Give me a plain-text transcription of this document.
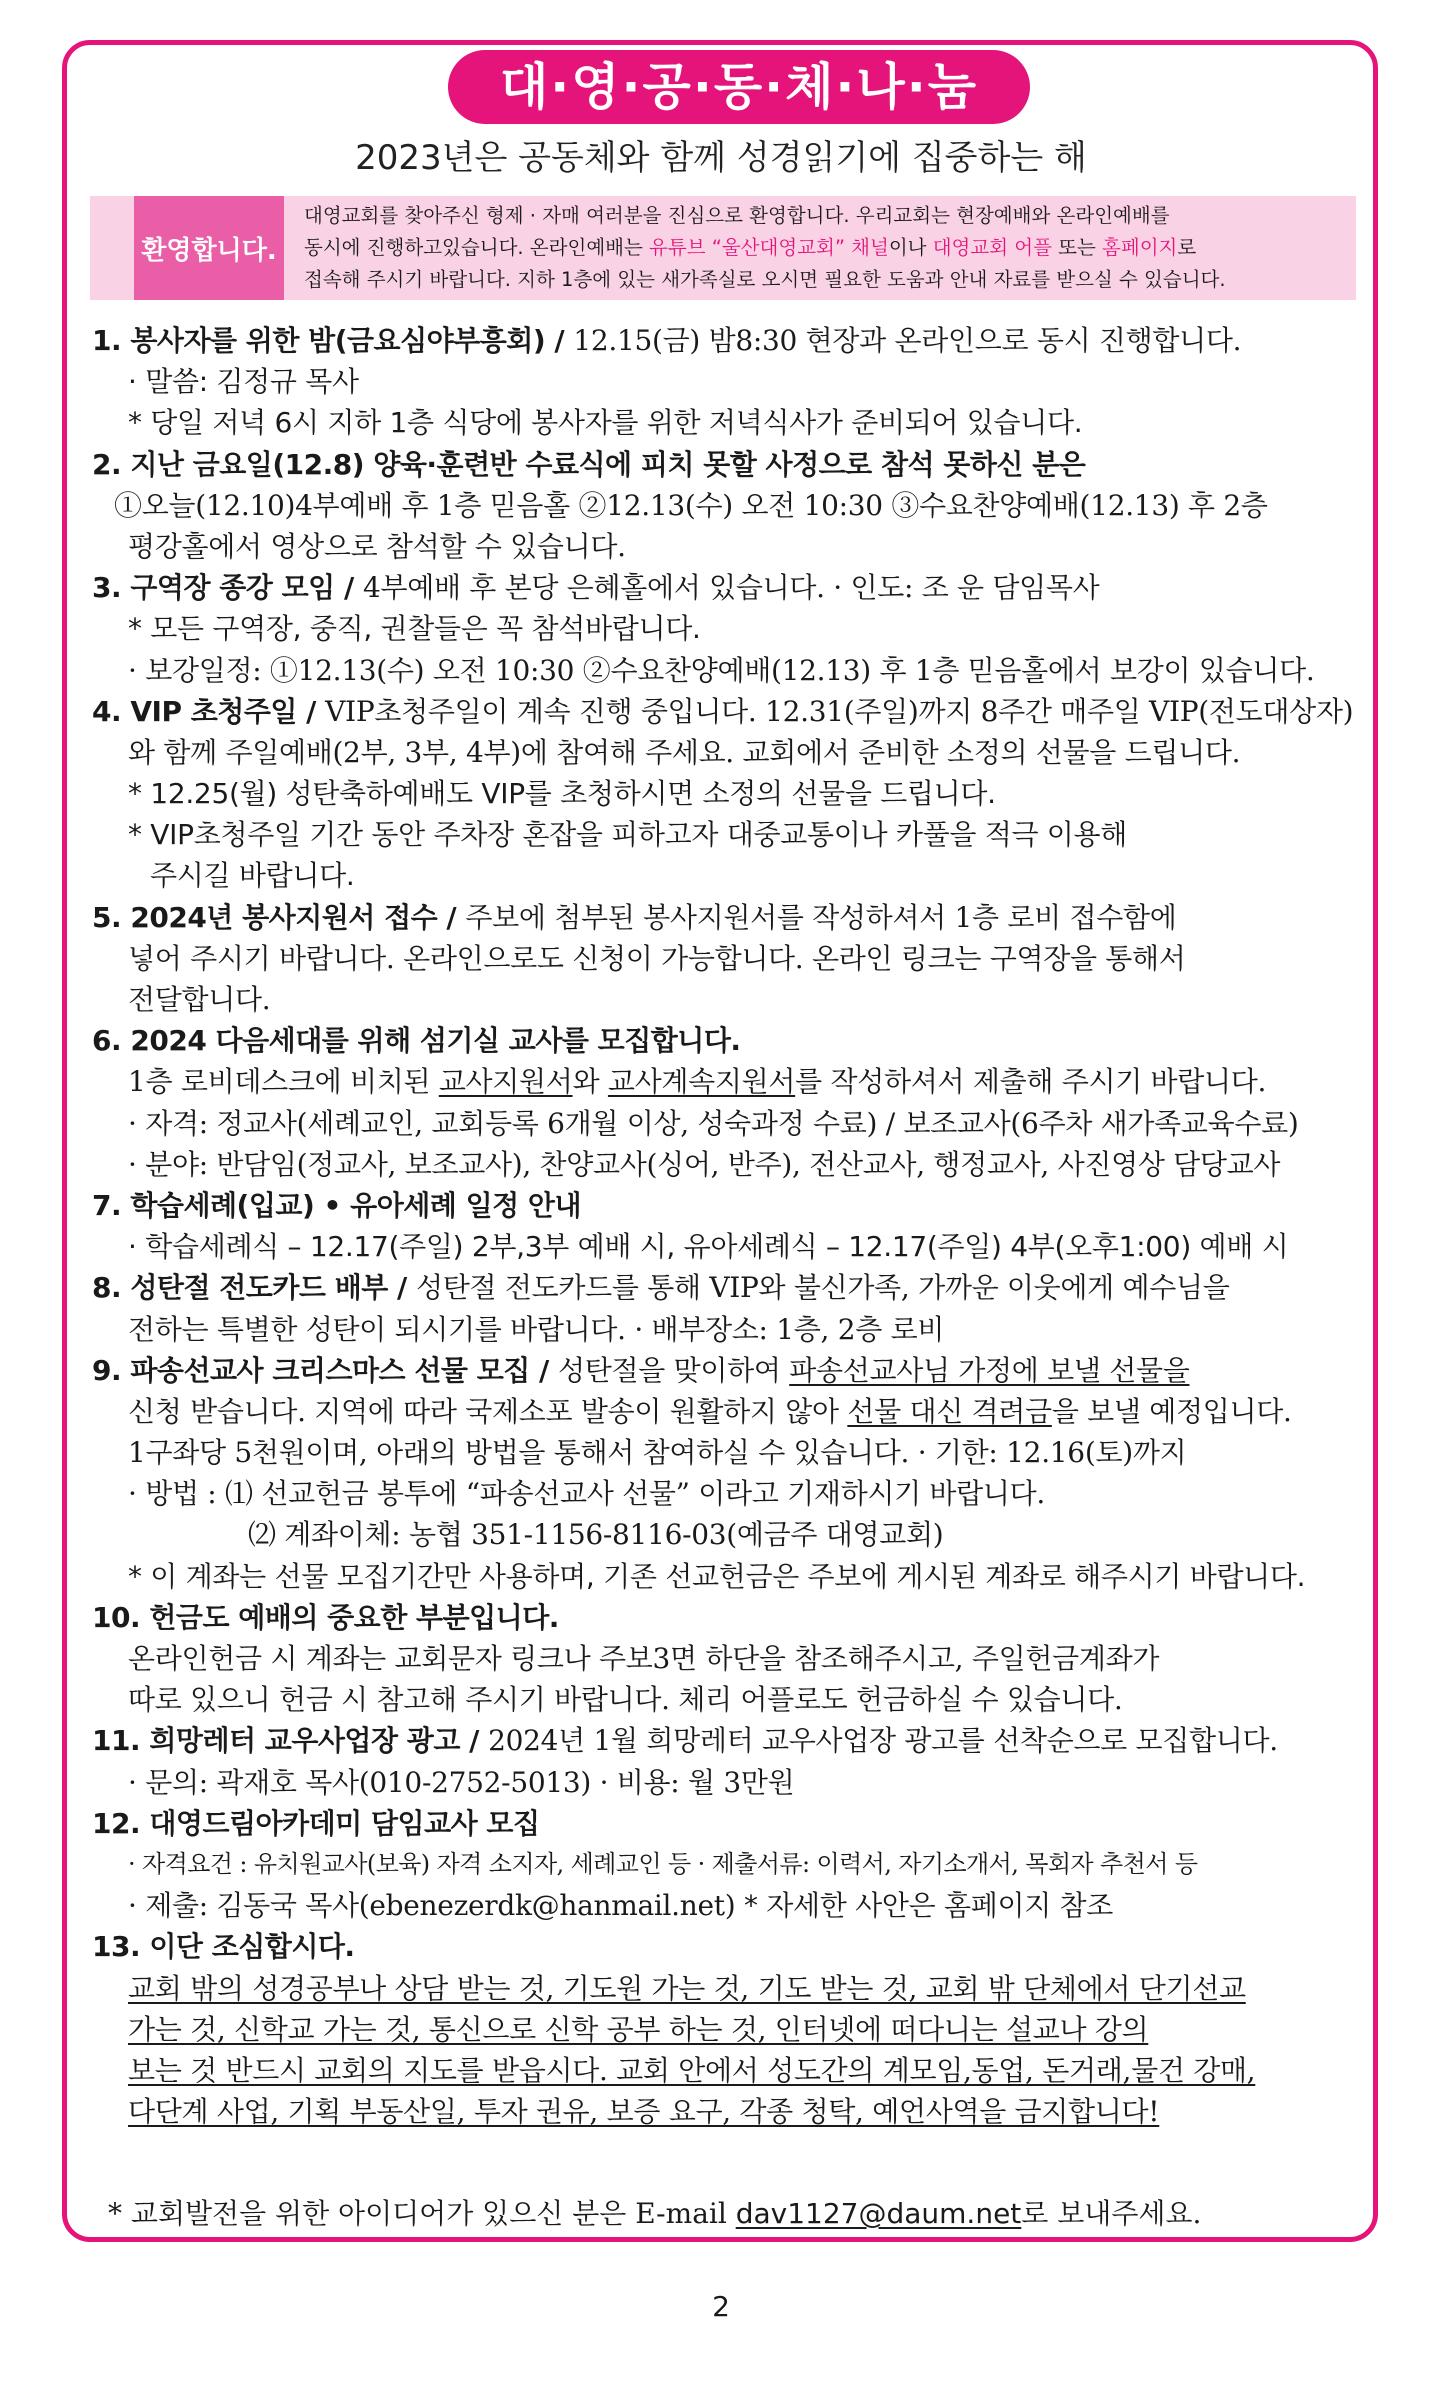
대·영·공·동·체·나·눔
2023년은 공동체와 함께 성경읽기에 집중하는 해
환영합니다.
대영교회를 찾아주신 형제 · 자매 여러분을 진심으로 환영합니다. 우리교회는 현장예배와 온라인예배를
동시에 진행하고있습니다. 온라인예배는 유튜브 “울산대영교회” 채널이나 대영교회 어플 또는 홈페이지로
접속해 주시기 바랍니다. 지하 1층에 있는 새가족실로 오시면 필요한 도움과 안내 자료를 받으실 수 있습니다.
1. 봉사자를 위한 밤(금요심야부흥회) / 12.15(금) 밤8:30 현장과 온라인으로 동시 진행합니다.
· 말씀: 김정규 목사
* 당일 저녁 6시 지하 1층 식당에 봉사자를 위한 저녁식사가 준비되어 있습니다.
2. 지난 금요일(12.8) 양육·훈련반 수료식에 피치 못할 사정으로 참석 못하신 분은
①오늘(12.10)4부예배 후 1층 믿음홀 ②12.13(수) 오전 10:30 ③수요찬양예배(12.13) 후 2층
평강홀에서 영상으로 참석할 수 있습니다.
3. 구역장 종강 모임 / 4부예배 후 본당 은혜홀에서 있습니다. · 인도: 조 운 담임목사
* 모든 구역장, 중직, 권찰들은 꼭 참석바랍니다.
· 보강일정: ①12.13(수) 오전 10:30 ②수요찬양예배(12.13) 후 1층 믿음홀에서 보강이 있습니다.
4. VIP 초청주일 / VIP초청주일이 계속 진행 중입니다. 12.31(주일)까지 8주간 매주일 VIP(전도대상자)
와 함께 주일예배(2부, 3부, 4부)에 참여해 주세요. 교회에서 준비한 소정의 선물을 드립니다.
* 12.25(월) 성탄축하예배도 VIP를 초청하시면 소정의 선물을 드립니다.
* VIP초청주일 기간 동안 주차장 혼잡을 피하고자 대중교통이나 카풀을 적극 이용해
주시길 바랍니다.
5. 2024년 봉사지원서 접수 / 주보에 첨부된 봉사지원서를 작성하셔서 1층 로비 접수함에
넣어 주시기 바랍니다. 온라인으로도 신청이 가능합니다. 온라인 링크는 구역장을 통해서
전달합니다.
6. 2024 다음세대를 위해 섬기실 교사를 모집합니다.
1층 로비데스크에 비치된 교사지원서와 교사계속지원서를 작성하셔서 제출해 주시기 바랍니다.
· 자격: 정교사(세례교인, 교회등록 6개월 이상, 성숙과정 수료) / 보조교사(6주차 새가족교육수료)
· 분야: 반담임(정교사, 보조교사), 찬양교사(싱어, 반주), 전산교사, 행정교사, 사진영상 담당교사
7. 학습세례(입교) • 유아세례 일정 안내
· 학습세례식 – 12.17(주일) 2부,3부 예배 시, 유아세례식 – 12.17(주일) 4부(오후1:00) 예배 시
8. 성탄절 전도카드 배부 / 성탄절 전도카드를 통해 VIP와 불신가족, 가까운 이웃에게 예수님을
전하는 특별한 성탄이 되시기를 바랍니다. · 배부장소: 1층, 2층 로비
9. 파송선교사 크리스마스 선물 모집 / 성탄절을 맞이하여 파송선교사님 가정에 보낼 선물을
신청 받습니다. 지역에 따라 국제소포 발송이 원활하지 않아 선물 대신 격려금을 보낼 예정입니다.
1구좌당 5천원이며, 아래의 방법을 통해서 참여하실 수 있습니다. · 기한: 12.16(토)까지
· 방법 : ⑴ 선교헌금 봉투에 “파송선교사 선물” 이라고 기재하시기 바랍니다.
⑵ 계좌이체: 농협 351-1156-8116-03(예금주 대영교회)
* 이 계좌는 선물 모집기간만 사용하며, 기존 선교헌금은 주보에 게시된 계좌로 해주시기 바랍니다.
10. 헌금도 예배의 중요한 부분입니다.
온라인헌금 시 계좌는 교회문자 링크나 주보3면 하단을 참조해주시고, 주일헌금계좌가
따로 있으니 헌금 시 참고해 주시기 바랍니다. 체리 어플로도 헌금하실 수 있습니다.
11. 희망레터 교우사업장 광고 / 2024년 1월 희망레터 교우사업장 광고를 선착순으로 모집합니다.
· 문의: 곽재호 목사(010-2752-5013) · 비용: 월 3만원
12. 대영드림아카데미 담임교사 모집
· 자격요건 : 유치원교사(보육) 자격 소지자, 세례교인 등 · 제출서류: 이력서, 자기소개서, 목회자 추천서 등
· 제출: 김동국 목사(ebenezerdk@hanmail.net) * 자세한 사안은 홈페이지 참조
13. 이단 조심합시다.
교회 밖의 성경공부나 상담 받는 것, 기도원 가는 것, 기도 받는 것, 교회 밖 단체에서 단기선교
가는 것, 신학교 가는 것, 통신으로 신학 공부 하는 것, 인터넷에 떠다니는 설교나 강의
보는 것 반드시 교회의 지도를 받읍시다. 교회 안에서 성도간의 계모임,동업, 돈거래,물건 강매,
다단계 사업, 기획 부동산일, 투자 권유, 보증 요구, 각종 청탁, 예언사역을 금지합니다!
* 교회발전을 위한 아이디어가 있으신 분은 E-mail dav1127@daum.net로 보내주세요.
2
